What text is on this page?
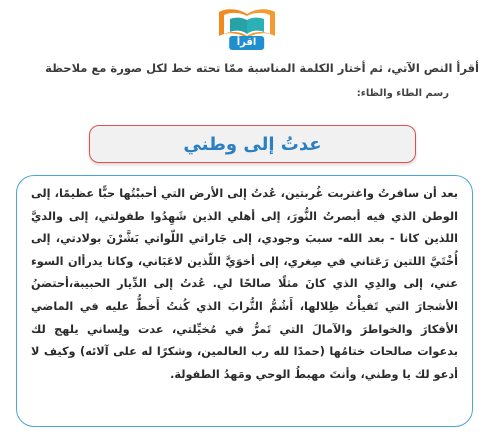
اقرأ
أقرأ النص الآتي، ثم أختار الكلمة المناسبة ممّا تحته خط لكل صورة مع ملاحظة
رسم الطاء والظاء:
عدتُ إلى وطني

بعد أن سافرتُ واغتربت غُربتين، عُدتُ إلى الأرض التي أحببْتُها حبًّا عظيمًا، إلى الوطن الذي فيه أبصرتُ النُّورَ، إلى أهلي الذين شَهِدُوا طفولتي، إلى والديَّ اللذين كانا - بعد الله- سببَ وجودي، إلى جَاراتي اللّواتي بَشَّرْنَ بولادتي، إلى أُخْتَيَّ اللتين رَعَتاني في صِغري، إلى أخوَيَّ اللّذين لاعَبَاني، وكانا يدرأان السوء عني، إلى والدِي الذي كانَ مثلًا صالحًا لي. عُدتُ إلى الدِّيار الحبيبة،أحتضنُ الأشجارَ التي تَفيأْتُ ظِلالها، أَشُمُّ التُّرابَ الذي كُنتُ أَخطُّ عليه في الماضي الأفكارَ والخواطرَ والآمالَ التي تَمرُّ في مُخيِّلتي، عدت ولِساني يلهج لك بدعوات صالحات ختامُها (حمدًا لله رب العالمين، وشكرًا له على آلائه) وكيف لا أدعو لك يا وطني، وأنتَ مهبطُ الوحي ومَهدُ الطفولة.
